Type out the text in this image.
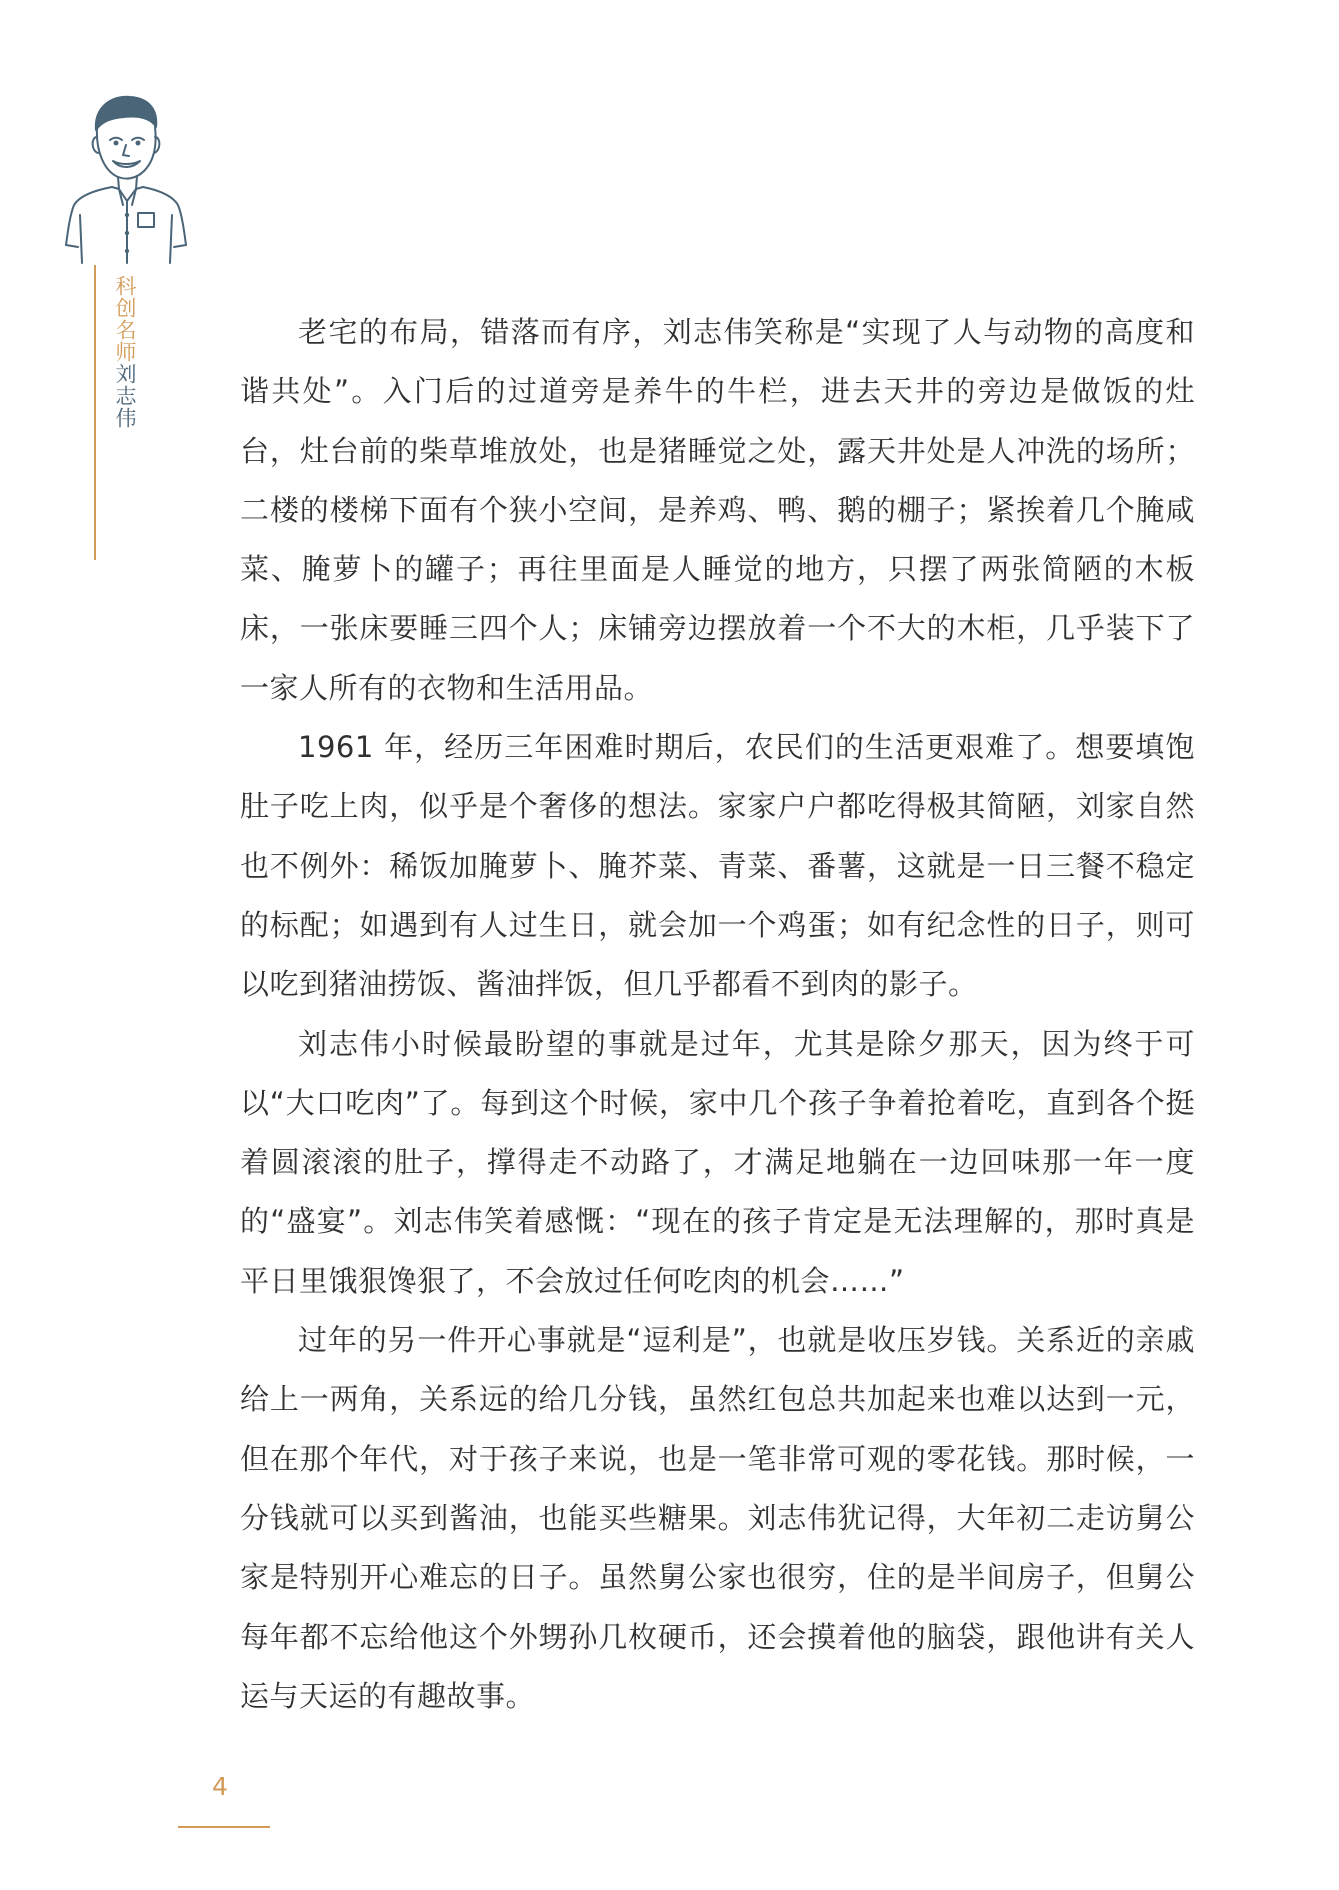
科创名师刘志伟

老宅的布局，错落而有序，刘志伟笑称是“实现了人与动物的高度和谐共处”。入门后的过道旁是养牛的牛栏，进去天井的旁边是做饭的灶台，灶台前的柴草堆放处，也是猪睡觉之处，露天井处是人冲洗的场所；二楼的楼梯下面有个狭小空间，是养鸡、鸭、鹅的棚子；紧挨着几个腌咸菜、腌萝卜的罐子；再往里面是人睡觉的地方，只摆了两张简陋的木板床，一张床要睡三四个人；床铺旁边摆放着一个不大的木柜，几乎装下了一家人所有的衣物和生活用品。

1961 年，经历三年困难时期后，农民们的生活更艰难了。想要填饱肚子吃上肉，似乎是个奢侈的想法。家家户户都吃得极其简陋，刘家自然也不例外：稀饭加腌萝卜、腌芥菜、青菜、番薯，这就是一日三餐不稳定的标配；如遇到有人过生日，就会加一个鸡蛋；如有纪念性的日子，则可以吃到猪油捞饭、酱油拌饭，但几乎都看不到肉的影子。

刘志伟小时候最盼望的事就是过年，尤其是除夕那天，因为终于可以“大口吃肉”了。每到这个时候，家中几个孩子争着抢着吃，直到各个挺着圆滚滚的肚子，撑得走不动路了，才满足地躺在一边回味那一年一度的“盛宴”。刘志伟笑着感慨：“现在的孩子肯定是无法理解的，那时真是平日里饿狠馋狠了，不会放过任何吃肉的机会……”

过年的另一件开心事就是“逗利是”，也就是收压岁钱。关系近的亲戚给上一两角，关系远的给几分钱，虽然红包总共加起来也难以达到一元，但在那个年代，对于孩子来说，也是一笔非常可观的零花钱。那时候，一分钱就可以买到酱油，也能买些糖果。刘志伟犹记得，大年初二走访舅公家是特别开心难忘的日子。虽然舅公家也很穷，住的是半间房子，但舅公每年都不忘给他这个外甥孙几枚硬币，还会摸着他的脑袋，跟他讲有关人运与天运的有趣故事。

4
